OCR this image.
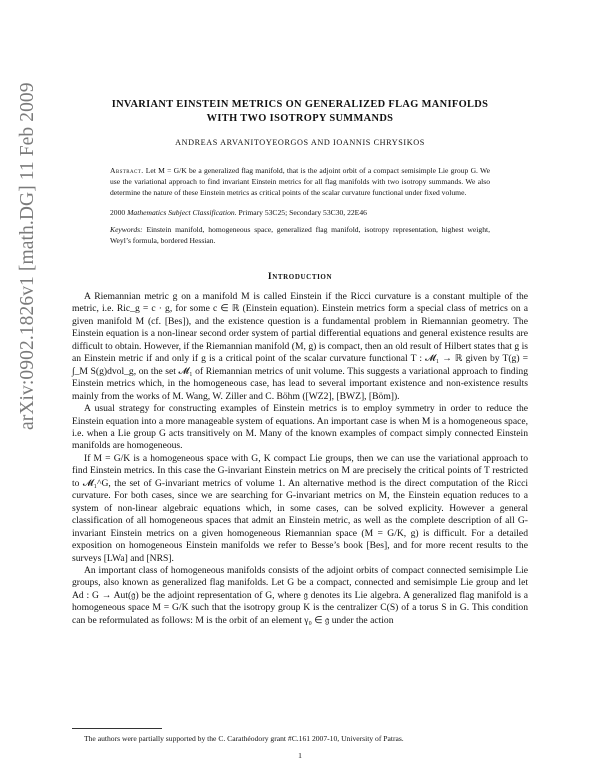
arXiv:0902.1826v1 [math.DG] 11 Feb 2009	INVARIANT EINSTEIN METRICS ON GENERALIZED FLAG MANIFOLDS
WITH TWO ISOTROPY SUMMANDS

ANDREAS ARVANITOYEORGOS AND IOANNIS CHRYSIKOS

Abstract. Let M = G/K be a generalized flag manifold, that is the adjoint orbit of a compact semisimple Lie group G. We use the variational approach to find invariant Einstein metrics for all flag manifolds with two isotropy summands. We also determine the nature of these Einstein metrics as critical points of the scalar curvature functional under fixed volume.

2000 Mathematics Subject Classification. Primary 53C25; Secondary 53C30, 22E46

Keywords: Einstein manifold, homogeneous space, generalized flag manifold, isotropy representation, highest weight, Weyl’s formula, bordered Hessian.

Introduction

A Riemannian metric g on a manifold M is called Einstein if the Ricci curvature is a constant multiple of the metric, i.e. Ric_g = c · g, for some c ∈ ℝ (Einstein equation). Einstein metrics form a special class of metrics on a given manifold M (cf. [Bes]), and the existence question is a fundamental problem in Riemannian geometry. The Einstein equation is a non-linear second order system of partial differential equations and general existence results are difficult to obtain. However, if the Riemannian manifold (M, g) is compact, then an old result of Hilbert states that g is an Einstein metric if and only if g is a critical point of the scalar curvature functional T : 𝓜₁ → ℝ given by T(g) = ∫_M S(g)dvol_g, on the set 𝓜₁ of Riemannian metrics of unit volume. This suggests a variational approach to finding Einstein metrics which, in the homogeneous case, has lead to several important existence and non-existence results mainly from the works of M. Wang, W. Ziller and C. Böhm ([WZ2], [BWZ], [Böm]).

A usual strategy for constructing examples of Einstein metrics is to employ symmetry in order to reduce the Einstein equation into a more manageable system of equations. An important case is when M is a homogeneous space, i.e. when a Lie group G acts transitively on M. Many of the known examples of compact simply connected Einstein manifolds are homogeneous.

If M = G/K is a homogeneous space with G, K compact Lie groups, then we can use the variational approach to find Einstein metrics. In this case the G-invariant Einstein metrics on M are precisely the critical points of T restricted to 𝓜₁^G, the set of G-invariant metrics of volume 1. An alternative method is the direct computation of the Ricci curvature. For both cases, since we are searching for G-invariant metrics on M, the Einstein equation reduces to a system of non-linear algebraic equations which, in some cases, can be solved explicity. However a general classification of all homogeneous spaces that admit an Einstein metric, as well as the complete description of all G-invariant Einstein metrics on a given homogeneous Riemannian space (M = G/K, g) is difficult. For a detailed exposition on homogeneous Einstein manifolds we refer to Besse’s book [Bes], and for more recent results to the surveys [LWa] and [NRS].

An important class of homogeneous manifolds consists of the adjoint orbits of compact connected semisimple Lie groups, also known as generalized flag manifolds. Let G be a compact, connected and semisimple Lie group and let Ad : G → Aut(𝔤) be the adjoint representation of G, where 𝔤 denotes its Lie algebra. A generalized flag manifold is a homogeneous space M = G/K such that the isotropy group K is the centralizer C(S) of a torus S in G. This condition can be reformulated as follows: M is the orbit of an element γ₀ ∈ 𝔤 under the action

The authors were partially supported by the C. Carathéodory grant #C.161 2007-10, University of Patras.

1
